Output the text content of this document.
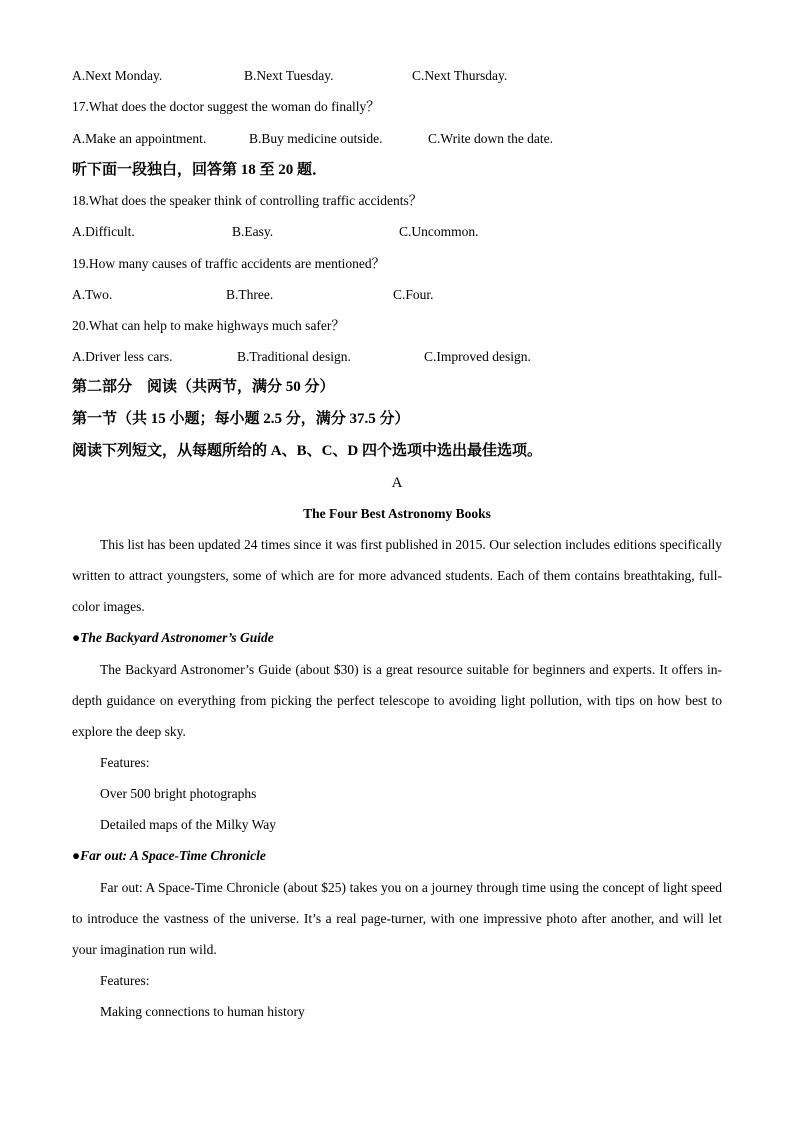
A.Next Monday.	B.Next Tuesday.	C.Next Thursday.
17.What does the doctor suggest the woman do finally？
A.Make an appointment.	B.Buy medicine outside.	C.Write down the date.
听下面一段独白，回答第 18 至 20 题．
18.What does the speaker think of controlling traffic accidents？
A.Difficult.	B.Easy.	C.Uncommon.
19.How many causes of traffic accidents are mentioned？
A.Two.	B.Three.	C.Four.
20.What can help to make highways much safer？
A.Driver less cars.	B.Traditional design.	C.Improved design.
第二部分　阅读（共两节，满分 50 分）
第一节（共 15 小题；每小题 2.5 分，满分 37.5 分）
阅读下列短文，从每题所给的 A、B、C、D 四个选项中选出最佳选项。
A
The Four Best Astronomy Books
This list has been updated 24 times since it was first published in 2015. Our selection includes editions specifically written to attract youngsters, some of which are for more advanced students. Each of them contains breathtaking, full-color images.
●The Backyard Astronomer’s Guide
The Backyard Astronomer’s Guide (about $30) is a great resource suitable for beginners and experts. It offers in-depth guidance on everything from picking the perfect telescope to avoiding light pollution, with tips on how best to explore the deep sky.
Features:
Over 500 bright photographs
Detailed maps of the Milky Way
●Far out: A Space-Time Chronicle
Far out: A Space-Time Chronicle (about $25) takes you on a journey through time using the concept of light speed to introduce the vastness of the universe. It’s a real page-turner, with one impressive photo after another, and will let your imagination run wild.
Features:
Making connections to human history
